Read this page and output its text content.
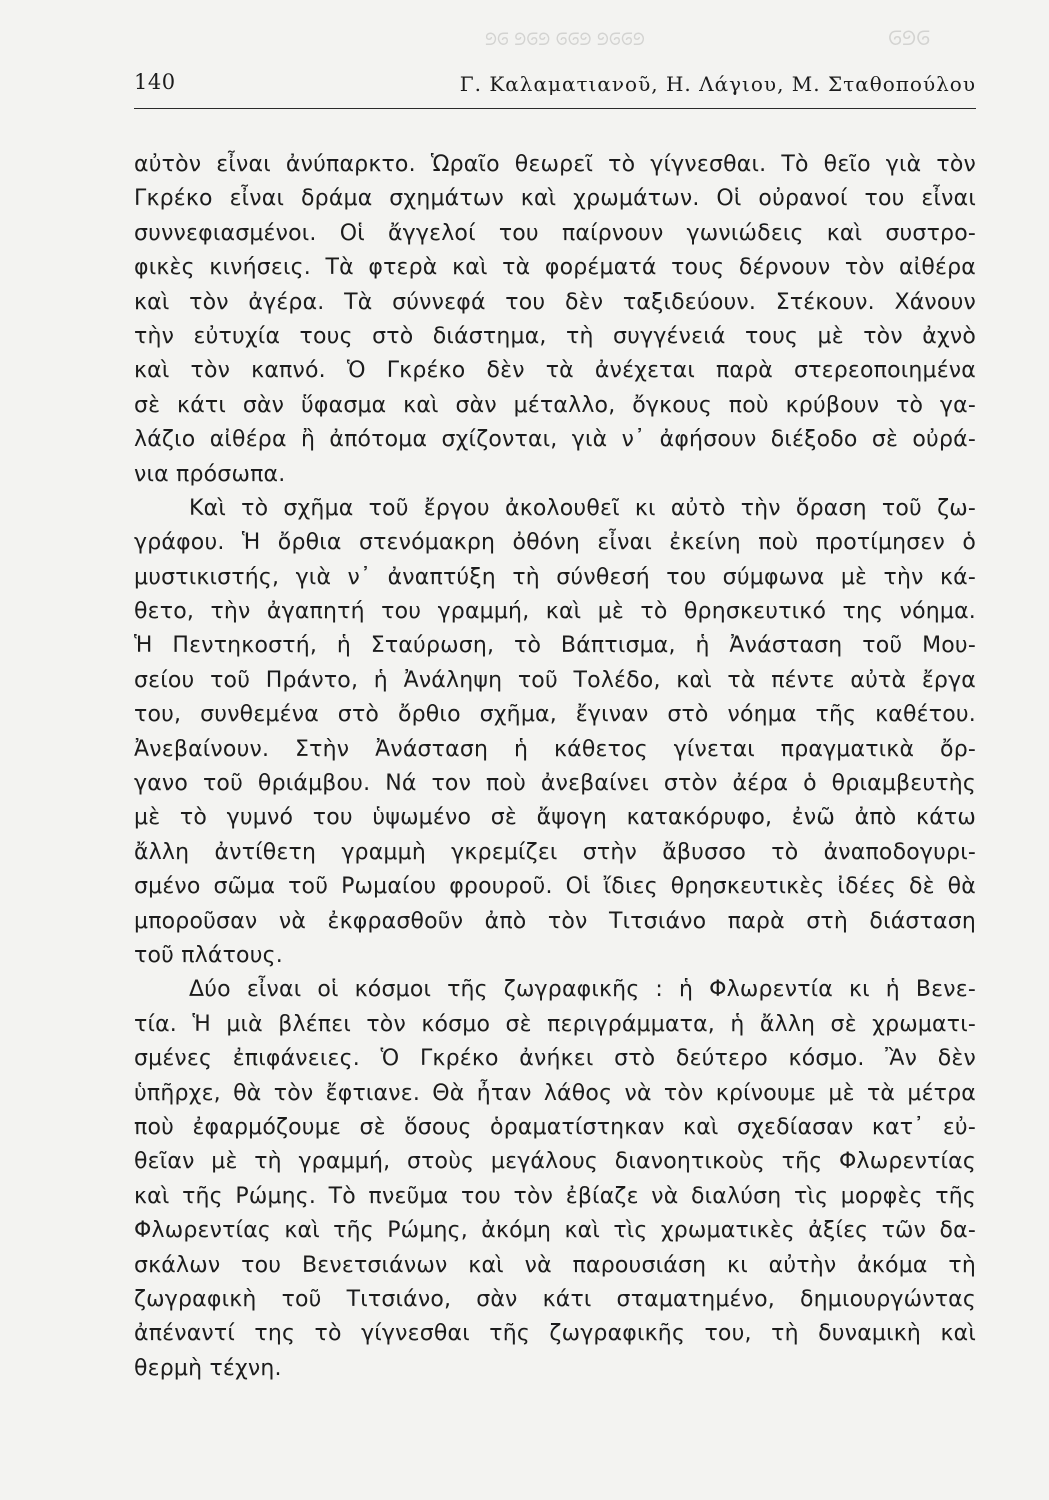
ᘓᘐᘐᘓ ᘓᘐᘐ ᘓᘐᘓ ᘐᘓ	ᘐᘓᘐ
140	Γ. Καλαματιανοῦ, Η. Λάγιου, Μ. Σταθοπούλου
αὐτὸν εἶναι ἀνύπαρκτο. Ὡραῖο θεωρεῖ τὸ γίγνεσθαι. Τὸ θεῖο γιὰ τὸν
Γκρέκο εἶναι δράμα σχημάτων καὶ χρωμάτων. Οἱ οὐρανοί του εἶναι
συννεφιασμένοι. Οἱ ἄγγελοί του παίρνουν γωνιώδεις καὶ συστρο-
φικὲς κινήσεις. Τὰ φτερὰ καὶ τὰ φορέματά τους δέρνουν τὸν αἰθέρα
καὶ τὸν ἀγέρα. Τὰ σύννεφά του δὲν ταξιδεύουν. Στέκουν. Χάνουν
τὴν εὐτυχία τους στὸ διάστημα, τὴ συγγένειά τους μὲ τὸν ἀχνὸ
καὶ τὸν καπνό. Ὁ Γκρέκο δὲν τὰ ἀνέχεται παρὰ στερεοποιημένα
σὲ κάτι σὰν ὕφασμα καὶ σὰν μέταλλο, ὄγκους ποὺ κρύβουν τὸ γα-
λάζιο αἰθέρα ἢ ἀπότομα σχίζονται, γιὰ ν᾿ ἀφήσουν διέξοδο σὲ οὐρά-
νια πρόσωπα.
Καὶ τὸ σχῆμα τοῦ ἔργου ἀκολουθεῖ κι αὐτὸ τὴν ὅραση τοῦ ζω-
γράφου. Ἡ ὄρθια στενόμακρη ὀθόνη εἶναι ἐκείνη ποὺ προτίμησεν ὁ
μυστικιστής, γιὰ ν᾿ ἀναπτύξη τὴ σύνθεσή του σύμφωνα μὲ τὴν κά-
θετο, τὴν ἀγαπητή του γραμμή, καὶ μὲ τὸ θρησκευτικό της νόημα.
Ἡ Πεντηκοστή, ἡ Σταύρωση, τὸ Βάπτισμα, ἡ Ἀνάσταση τοῦ Μου-
σείου τοῦ Πράντο, ἡ Ἀνάληψη τοῦ Τολέδο, καὶ τὰ πέντε αὐτὰ ἔργα
του, συνθεμένα στὸ ὄρθιο σχῆμα, ἔγιναν στὸ νόημα τῆς καθέτου.
Ἀνεβαίνουν. Στὴν Ἀνάσταση ἡ κάθετος γίνεται πραγματικὰ ὄρ-
γανο τοῦ θριάμβου. Νά τον ποὺ ἀνεβαίνει στὸν ἀέρα ὁ θριαμβευτὴς
μὲ τὸ γυμνό του ὑψωμένο σὲ ἄψογη κατακόρυφο, ἐνῶ ἀπὸ κάτω
ἄλλη ἀντίθετη γραμμὴ γκρεμίζει στὴν ἄβυσσο τὸ ἀναποδογυρι-
σμένο σῶμα τοῦ Ρωμαίου φρουροῦ. Οἱ ἴδιες θρησκευτικὲς ἰδέες δὲ θὰ
μποροῦσαν νὰ ἐκφρασθοῦν ἀπὸ τὸν Τιτσιάνο παρὰ στὴ διάσταση
τοῦ πλάτους.
Δύο εἶναι οἱ κόσμοι τῆς ζωγραφικῆς : ἡ Φλωρεντία κι ἡ Βενε-
τία. Ἡ μιὰ βλέπει τὸν κόσμο σὲ περιγράμματα, ἡ ἄλλη σὲ χρωματι-
σμένες ἐπιφάνειες. Ὁ Γκρέκο ἀνήκει στὸ δεύτερο κόσμο. Ἂν δὲν
ὑπῆρχε, θὰ τὸν ἔφτιανε. Θὰ ἦταν λάθος νὰ τὸν κρίνουμε μὲ τὰ μέτρα
ποὺ ἐφαρμόζουμε σὲ ὅσους ὁραματίστηκαν καὶ σχεδίασαν κατ᾿ εὐ-
θεῖαν μὲ τὴ γραμμή, στοὺς μεγάλους διανοητικοὺς τῆς Φλωρεντίας
καὶ τῆς Ρώμης. Τὸ πνεῦμα του τὸν ἐβίαζε νὰ διαλύση τὶς μορφὲς τῆς
Φλωρεντίας καὶ τῆς Ρώμης, ἀκόμη καὶ τὶς χρωματικὲς ἀξίες τῶν δα-
σκάλων του Βενετσιάνων καὶ νὰ παρουσιάση κι αὐτὴν ἀκόμα τὴ
ζωγραφικὴ τοῦ Τιτσιάνο, σὰν κάτι σταματημένο, δημιουργώντας
ἀπέναντί της τὸ γίγνεσθαι τῆς ζωγραφικῆς του, τὴ δυναμικὴ καὶ
θερμὴ τέχνη.
